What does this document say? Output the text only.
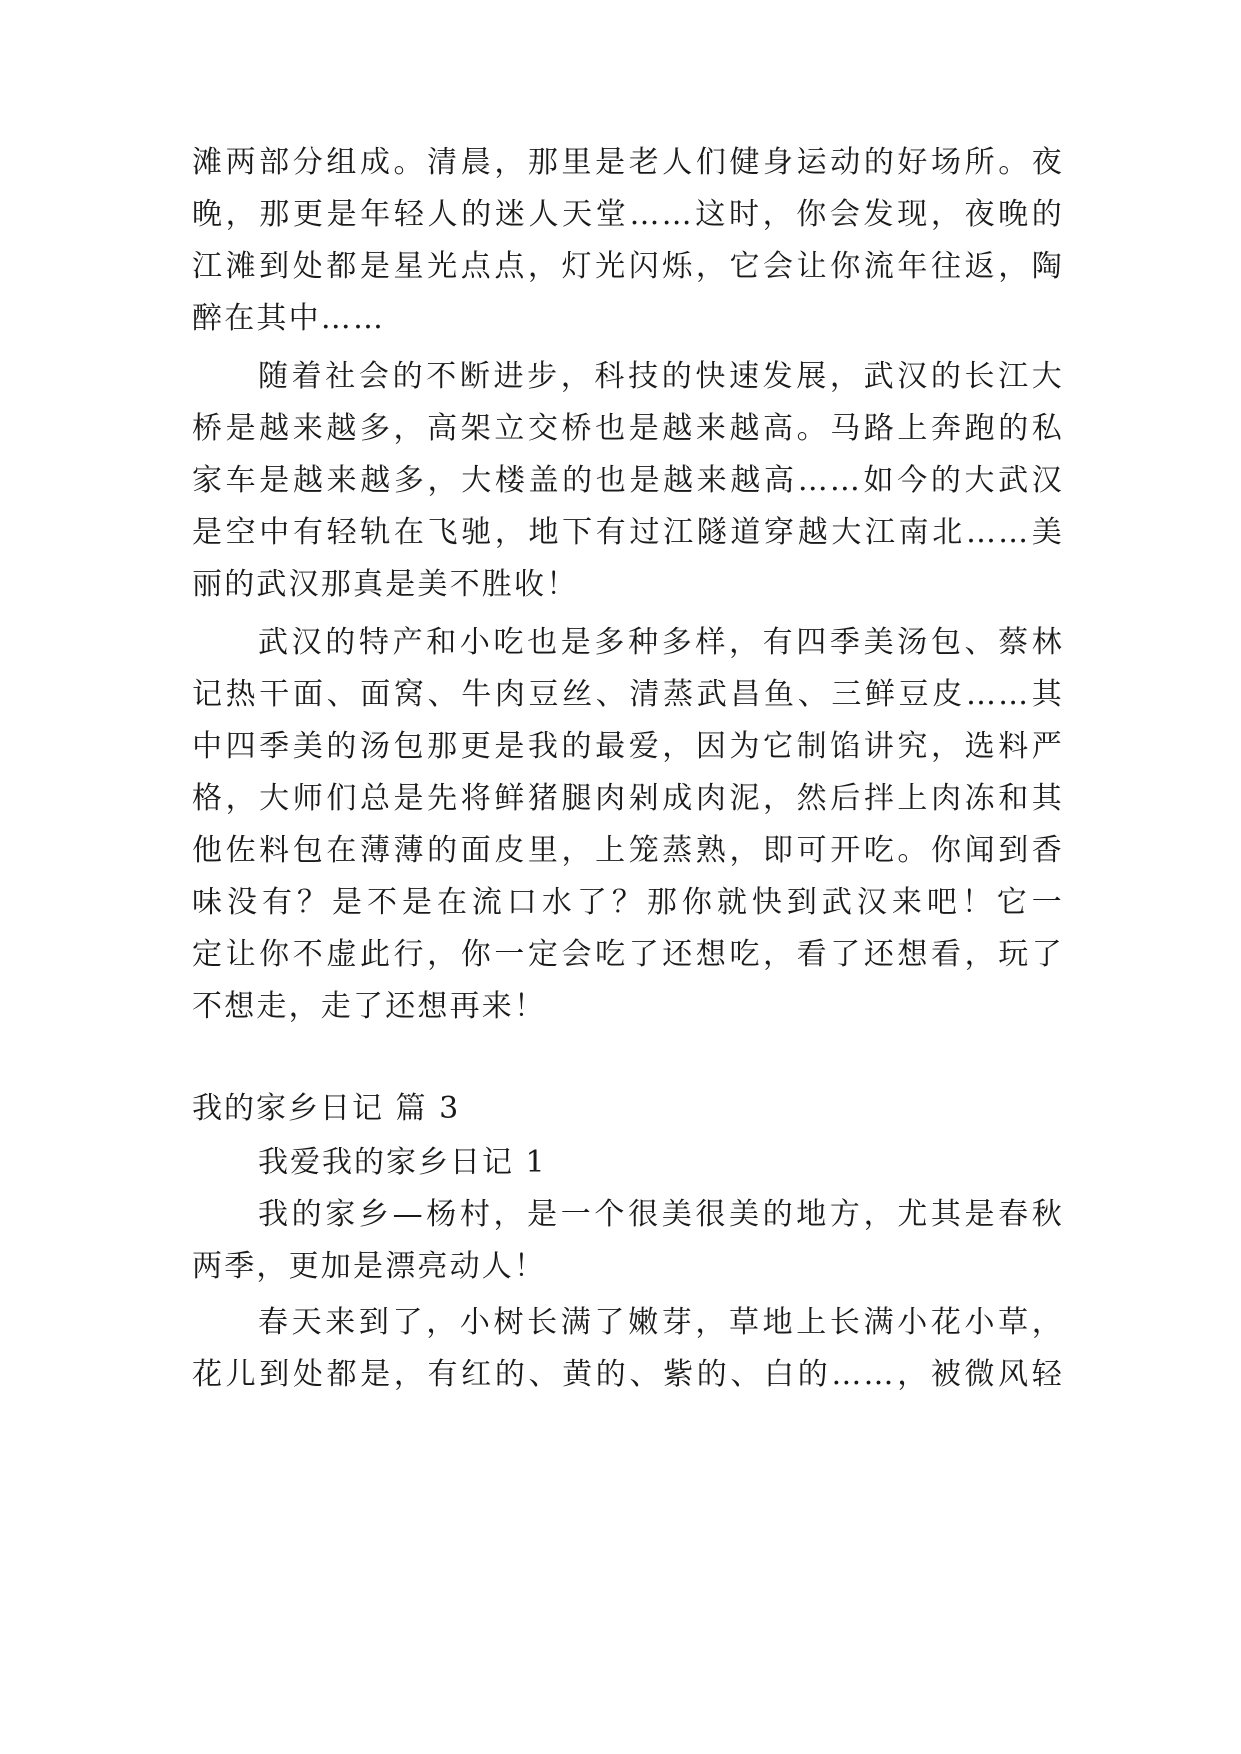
滩两部分组成。清晨，那里是老人们健身运动的好场所。夜
晚，那更是年轻人的迷人天堂……这时，你会发现，夜晚的
江滩到处都是星光点点，灯光闪烁，它会让你流年往返，陶
醉在其中……
随着社会的不断进步，科技的快速发展，武汉的长江大
桥是越来越多，高架立交桥也是越来越高。马路上奔跑的私
家车是越来越多，大楼盖的也是越来越高……如今的大武汉
是空中有轻轨在飞驰，地下有过江隧道穿越大江南北……美
丽的武汉那真是美不胜收！
武汉的特产和小吃也是多种多样，有四季美汤包、蔡林
记热干面、面窝、牛肉豆丝、清蒸武昌鱼、三鲜豆皮……其
中四季美的汤包那更是我的最爱，因为它制馅讲究，选料严
格，大师们总是先将鲜猪腿肉剁成肉泥，然后拌上肉冻和其
他佐料包在薄薄的面皮里，上笼蒸熟，即可开吃。你闻到香
味没有？是不是在流口水了？那你就快到武汉来吧！它一
定让你不虚此行，你一定会吃了还想吃，看了还想看，玩了
不想走，走了还想再来！
我的家乡日记 篇 3
我爱我的家乡日记 1
我的家乡—杨村，是一个很美很美的地方，尤其是春秋
两季，更加是漂亮动人！
春天来到了，小树长满了嫩芽，草地上长满小花小草，
花儿到处都是，有红的、黄的、紫的、白的……，被微风轻
